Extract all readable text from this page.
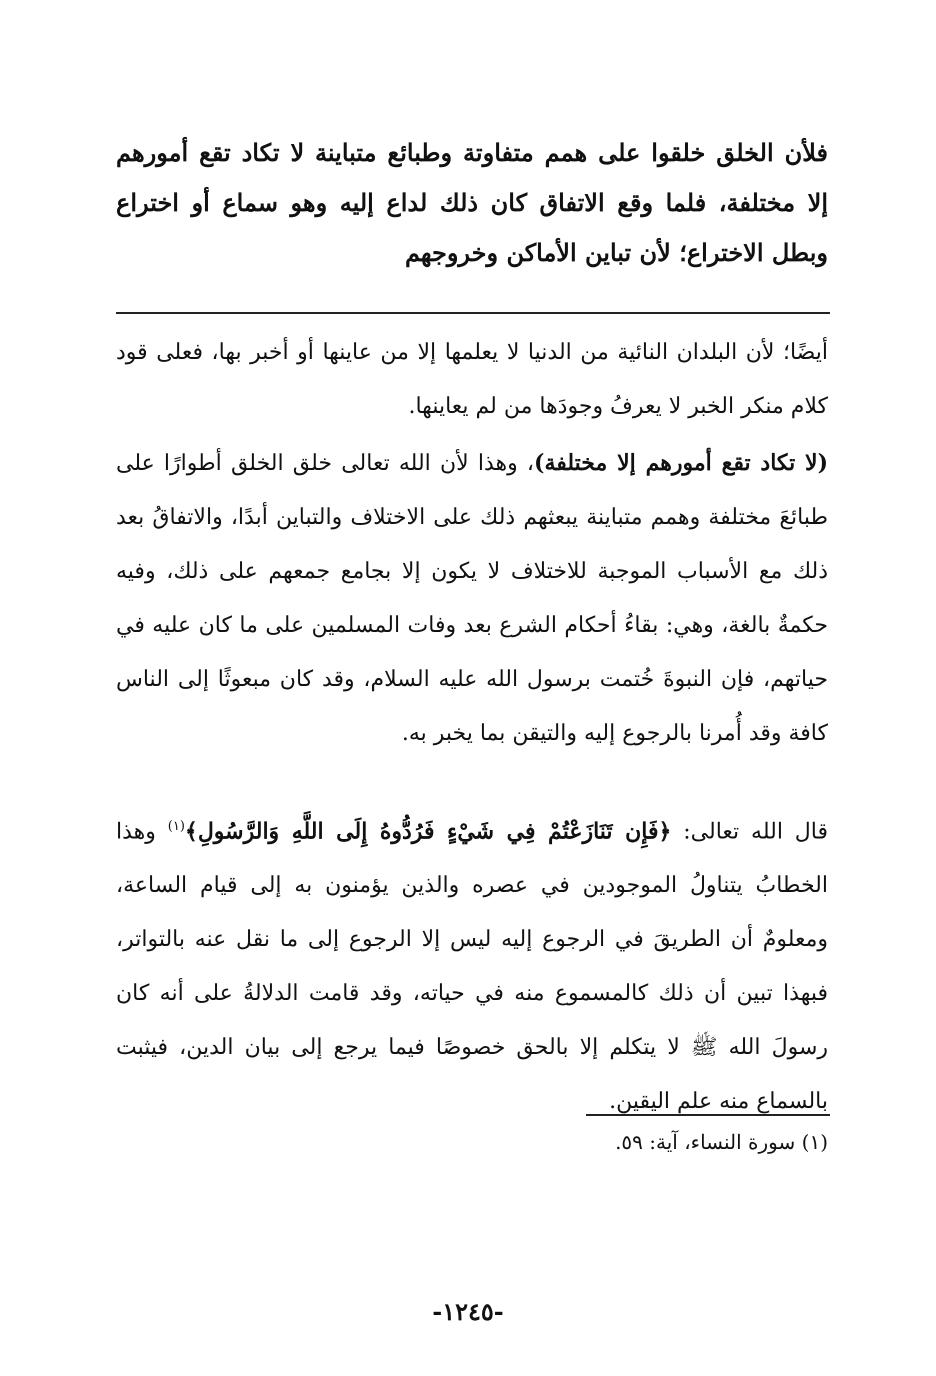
فلأن الخلق خلقوا على همم متفاوتة وطبائع متباينة لا تكاد تقع أمورهم إلا مختلفة، فلما وقع الاتفاق كان ذلك لداع إليه وهو سماع أو اختراع وبطل الاختراع؛ لأن تباين الأماكن وخروجهم

أيضًا؛ لأن البلدان النائية من الدنيا لا يعلمها إلا من عاينها أو أخبر بها، فعلى قود كلام منكر الخبر لا يعرفُ وجودَها من لم يعاينها.

(لا تكاد تقع أمورهم إلا مختلفة)، وهذا لأن الله تعالى خلق الخلق أطوارًا على طبائعَ مختلفة وهمم متباينة يبعثهم ذلك على الاختلاف والتباين أبدًا، والاتفاقُ بعد ذلك مع الأسباب الموجبة للاختلاف لا يكون إلا بجامع جمعهم على ذلك، وفيه حكمةٌ بالغة، وهي: بقاءُ أحكام الشرع بعد وفات المسلمين على ما كان عليه في حياتهم، فإن النبوةَ خُتمت برسول الله عليه السلام، وقد كان مبعوثًا إلى الناس كافة وقد أُمرنا بالرجوع إليه والتيقن بما يخبر به.

قال الله تعالى: ﴿فَإِن تَنَازَعْتُمْ فِي شَيْءٍ فَرُدُّوهُ إِلَى اللَّهِ وَالرَّسُولِ﴾$^{(١)}$ وهذا الخطابُ يتناولُ الموجودين في عصره والذين يؤمنون به إلى قيام الساعة، ومعلومٌ أن الطريقَ في الرجوع إليه ليس إلا الرجوع إلى ما نقل عنه بالتواتر، فبهذا تبين أن ذلك كالمسموع منه في حياته، وقد قامت الدلالةُ على أنه كان رسولَ الله ﷺ لا يتكلم إلا بالحق خصوصًا فيما يرجع إلى بيان الدين، فيثبت بالسماع منه علم اليقين.

(١) سورة النساء، آية: ٥٩.

-١٢٤٥-
